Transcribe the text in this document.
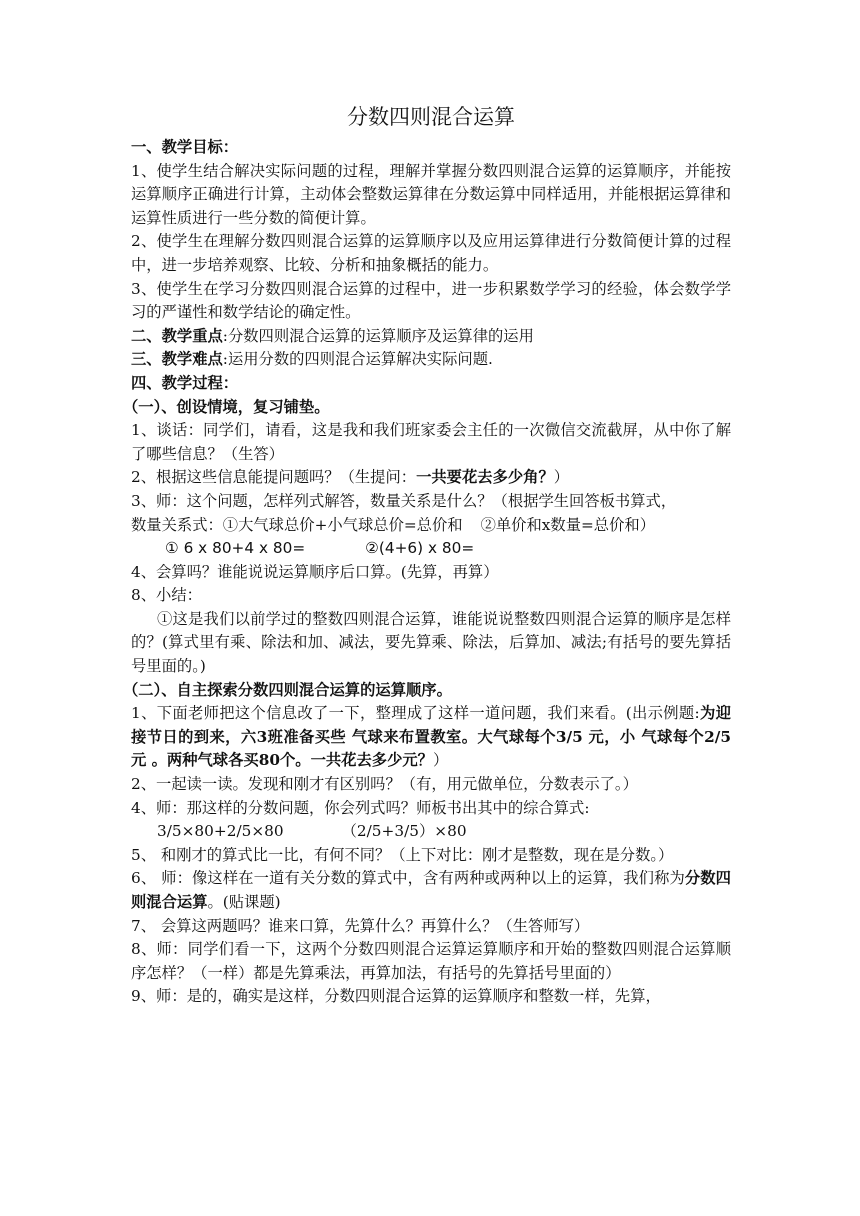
分数四则混合运算

一、教学目标：

1、使学生结合解决实际问题的过程，理解并掌握分数四则混合运算的运算顺序，并能按运算顺序正确进行计算，主动体会整数运算律在分数运算中同样适用，并能根据运算律和运算性质进行一些分数的简便计算。

2、使学生在理解分数四则混合运算的运算顺序以及应用运算律进行分数简便计算的过程中，进一步培养观察、比较、分析和抽象概括的能力。

3、使学生在学习分数四则混合运算的过程中，进一步积累数学学习的经验，体会数学学习的严谨性和数学结论的确定性。

二、教学重点:分数四则混合运算的运算顺序及运算律的运用

三、教学难点:运用分数的四则混合运算解决实际问题.

四、教学过程：

（一）、创设情境，复习铺垫。

1、谈话：同学们，请看，这是我和我们班家委会主任的一次微信交流截屏，从中你了解了哪些信息？（生答）

2、根据这些信息能提问题吗？（生提问：一共要花去多少角？）

3、师：这个问题，怎样列式解答，数量关系是什么？（根据学生回答板书算式，

数量关系式：①大气球总价+小气球总价=总价和 ②单价和x数量=总价和）

① 6 x 80+4 x 80=	②(4+6) x 80=

4、会算吗？谁能说说运算顺序后口算。(先算，再算）

8、小结：

①这是我们以前学过的整数四则混合运算，谁能说说整数四则混合运算的顺序是怎样的？(算式里有乘、除法和加、减法，要先算乘、除法，后算加、减法;有括号的要先算括号里面的。)

（二）、自主探索分数四则混合运算的运算顺序。

1、下面老师把这个信息改了一下，整理成了这样一道问题，我们来看。(出示例题:为迎接节日的到来，六3班准备买些 气球来布置教室。大气球每个3/5 元，小 气球每个2/5 元 。两种气球各买80个。一共花去多少元？）

2、一起读一读。发现和刚才有区别吗？（有，用元做单位，分数表示了。）

4、师：那这样的分数问题，你会列式吗？师板书出其中的综合算式:

3/5×80+2/5×80	（2/5+3/5）×80

5、 和刚才的算式比一比，有何不同？（上下对比：刚才是整数，现在是分数。）

6、 师：像这样在一道有关分数的算式中，含有两种或两种以上的运算，我们称为分数四则混合运算。(贴课题)

7、 会算这两题吗？谁来口算，先算什么？再算什么？（生答师写）

8、师：同学们看一下，这两个分数四则混合运算运算顺序和开始的整数四则混合运算顺序怎样？（一样）都是先算乘法，再算加法，有括号的先算括号里面的）

9、师：是的，确实是这样，分数四则混合运算的运算顺序和整数一样，先算，
